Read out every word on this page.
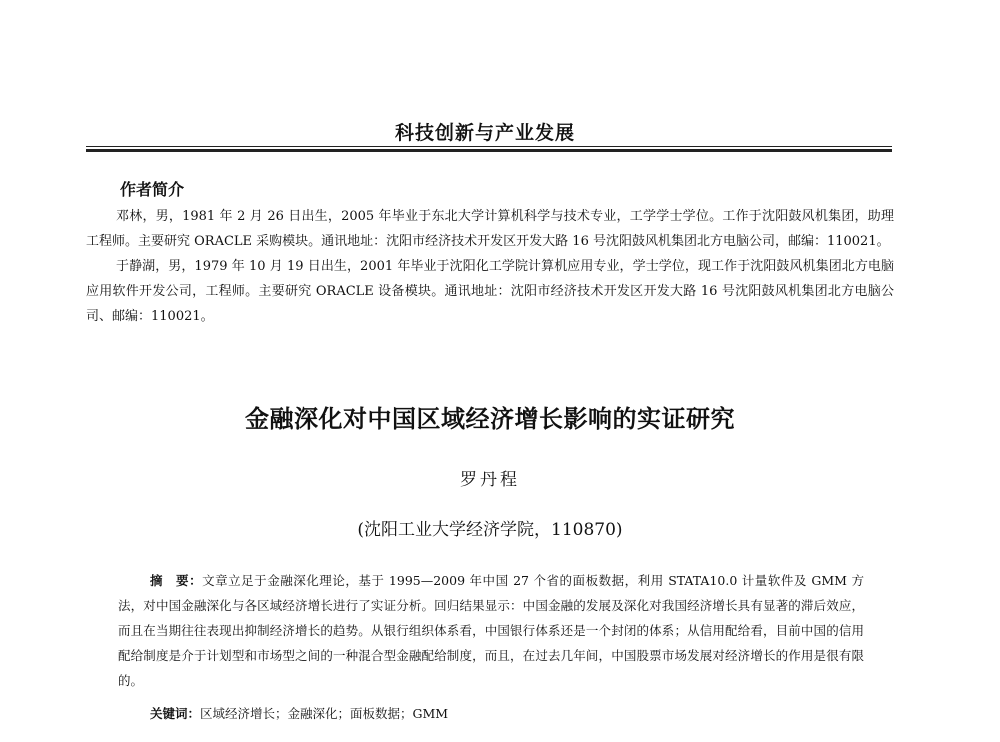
科技创新与产业发展
作者简介

邓林，男，1981 年 2 月 26 日出生，2005 年毕业于东北大学计算机科学与技术专业，工学学士学位。工作于沈阳鼓风机集团，助理工程师。主要研究 ORACLE 采购模块。通讯地址：沈阳市经济技术开发区开发大路 16 号沈阳鼓风机集团北方电脑公司，邮编：110021。

于静湖，男，1979 年 10 月 19 日出生，2001 年毕业于沈阳化工学院计算机应用专业，学士学位，现工作于沈阳鼓风机集团北方电脑应用软件开发公司，工程师。主要研究 ORACLE 设备模块。通讯地址：沈阳市经济技术开发区开发大路 16 号沈阳鼓风机集团北方电脑公司、邮编：110021。

金融深化对中国区域经济增长影响的实证研究
罗丹程
(沈阳工业大学经济学院，110870)

摘　要：文章立足于金融深化理论，基于 1995—2009 年中国 27 个省的面板数据，利用 STATA10.0 计量软件及 GMM 方法，对中国金融深化与各区域经济增长进行了实证分析。回归结果显示：中国金融的发展及深化对我国经济增长具有显著的滞后效应，而且在当期往往表现出抑制经济增长的趋势。从银行组织体系看，中国银行体系还是一个封闭的体系；从信用配给看，目前中国的信用配给制度是介于计划型和市场型之间的一种混合型金融配给制度，而且，在过去几年间，中国股票市场发展对经济增长的作用是很有限的。

关键词：区域经济增长；金融深化；面板数据；GMM
